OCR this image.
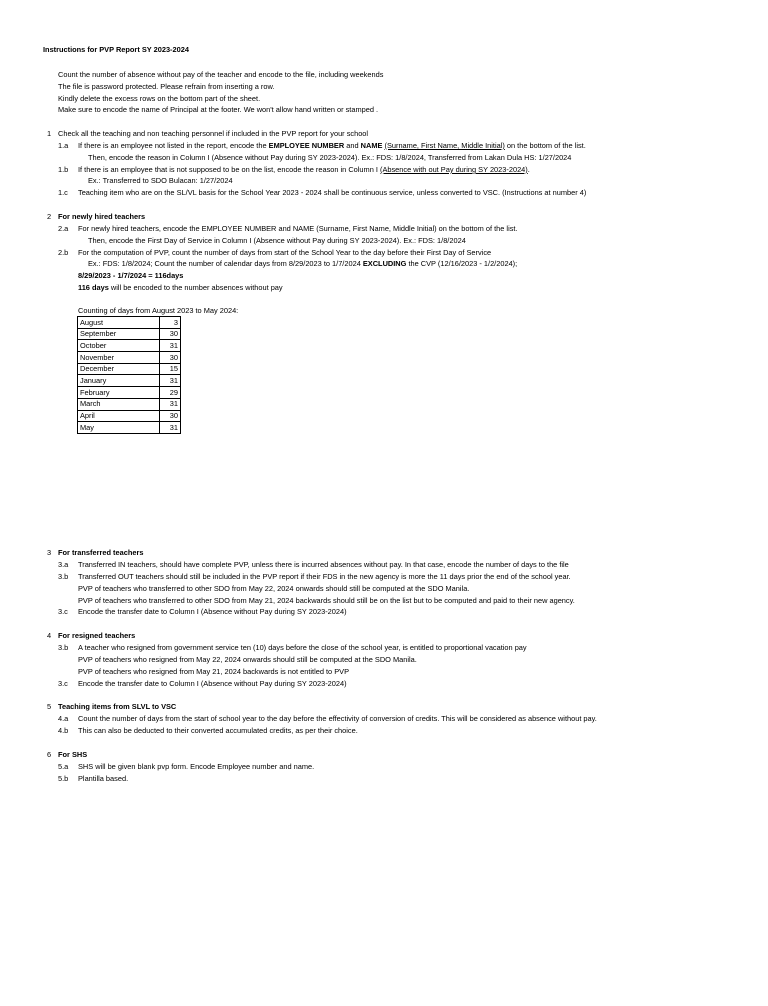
Instructions for PVP Report SY 2023-2024
Count the number of absence without pay of the teacher and encode to the file, including weekends
The file is password protected. Please refrain from inserting a row.
Kindly delete the excess rows on the bottom part of the sheet.
Make sure to encode the name of Principal at the footer. We won't allow hand written or stamped .
1 Check all the teaching and non teaching personnel if included in the PVP report for your school
1.a If there is an employee not listed in the report, encode the EMPLOYEE NUMBER and NAME (Surname, First Name, Middle Initial) on the bottom of the list.
Then, encode the reason in Column I (Absence without Pay during SY 2023-2024). Ex.: FDS: 1/8/2024, Transferred from Lakan Dula HS: 1/27/2024
1.b If there is an employee that is not supposed to be on the list, encode the reason in Column I (Absence with out Pay during SY 2023-2024).
Ex.: Transferred to SDO Bulacan: 1/27/2024
1.c Teaching item who are on the SL/VL basis for the School Year 2023 - 2024 shall be continuous service, unless converted to VSC. (Instructions at number 4)
2 For newly hired teachers
2.a For newly hired teachers, encode the EMPLOYEE NUMBER and NAME (Surname, First Name, Middle Initial) on the bottom of the list.
Then, encode the First Day of Service in Column I (Absence without Pay during SY 2023-2024). Ex.: FDS: 1/8/2024
2.b For the computation of PVP, count the number of days from start of the School Year to the day before their First Day of Service
Ex.: FDS: 1/8/2024; Count the number of calendar days from 8/29/2023 to 1/7/2024 EXCLUDING the CVP (12/16/2023 - 1/2/2024);
8/29/2023 - 1/7/2024 = 116days
116 days will be encoded to the number absences without pay
Counting of days from August 2023 to May 2024:
August	3
September	30
October	31
November	30
December	15
January	31
February	29
March	31
April	30
May	31
3 For transferred teachers
3.a Transferred IN teachers, should have complete PVP, unless there is incurred absences without pay. In that case, encode the number of days to the file
3.b Transferred OUT teachers should still be included in the PVP report if their FDS in the new agency is more the 11 days prior the end of the school year.
PVP of teachers who transferred to other SDO from May 22, 2024 onwards should still be computed at the SDO Manila.
PVP of teachers who transferred to other SDO from May 21, 2024 backwards should still be on the list but to be computed and paid to their new agency.
3.c Encode the transfer date to Column I (Absence without Pay during SY 2023-2024)
4 For resigned teachers
3.b A teacher who resigned from government service ten (10) days before the close of the school year, is entitled to proportional vacation pay
PVP of teachers who resigned from May 22, 2024 onwards should still be computed at the SDO Manila.
PVP of teachers who resigned from May 21, 2024 backwards is not entitled to PVP
3.c Encode the transfer date to Column I (Absence without Pay during SY 2023-2024)
5 Teaching items from SLVL to VSC
4.a Count the number of days from the start of school year to the day before the effectivity of conversion of credits. This will be considered as absence without pay.
4.b This can also be deducted to their converted accumulated credits, as per their choice.
6 For SHS
5.a SHS will be given blank pvp form. Encode Employee number and name.
5.b Plantilla based.
